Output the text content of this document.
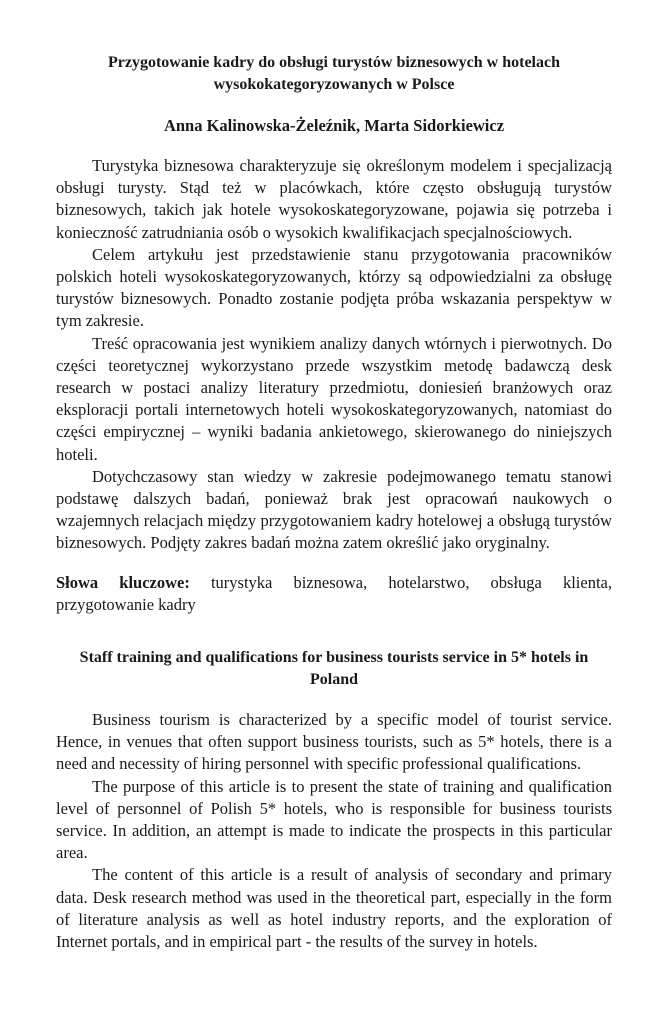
Przygotowanie kadry do obsługi turystów biznesowych w hotelach wysokokategoryzowanych w Polsce
Anna Kalinowska-Żeleźnik, Marta Sidorkiewicz

Turystyka biznesowa charakteryzuje się określonym modelem i specjalizacją obsługi turysty. Stąd też w placówkach, które często obsługują turystów biznesowych, takich jak hotele wysokoskategoryzowane, pojawia się potrzeba i konieczność zatrudniania osób o wysokich kwalifikacjach specjalnościowych.

Celem artykułu jest przedstawienie stanu przygotowania pracowników polskich hoteli wysokoskategoryzowanych, którzy są odpowiedzialni za obsługę turystów biznesowych. Ponadto zostanie podjęta próba wskazania perspektyw w tym zakresie.

Treść opracowania jest wynikiem analizy danych wtórnych i pierwotnych. Do części teoretycznej wykorzystano przede wszystkim metodę badawczą desk research w postaci analizy literatury przedmiotu, doniesień branżowych oraz eksploracji portali internetowych hoteli wysokoskategoryzowanych, natomiast do części empirycznej – wyniki badania ankietowego, skierowanego do niniejszych hoteli.

Dotychczasowy stan wiedzy w zakresie podejmowanego tematu stanowi podstawę dalszych badań, ponieważ brak jest opracowań naukowych o wzajemnych relacjach między przygotowaniem kadry hotelowej a obsługą turystów biznesowych. Podjęty zakres badań można zatem określić jako oryginalny.

Słowa kluczowe: turystyka biznesowa, hotelarstwo, obsługa klienta, przygotowanie kadry

Staff training and qualifications for business tourists service in 5* hotels in Poland

Business tourism is characterized by a specific model of tourist service. Hence, in venues that often support business tourists, such as 5* hotels, there is a need and necessity of hiring personnel with specific professional qualifications.

The purpose of this article is to present the state of training and qualification level of personnel of Polish 5* hotels, who is responsible for business tourists service. In addition, an attempt is made to indicate the prospects in this particular area.

The content of this article is a result of analysis of secondary and primary data. Desk research method was used in the theoretical part, especially in the form of literature analysis as well as hotel industry reports, and the exploration of Internet portals, and in empirical part - the results of the survey in hotels.
